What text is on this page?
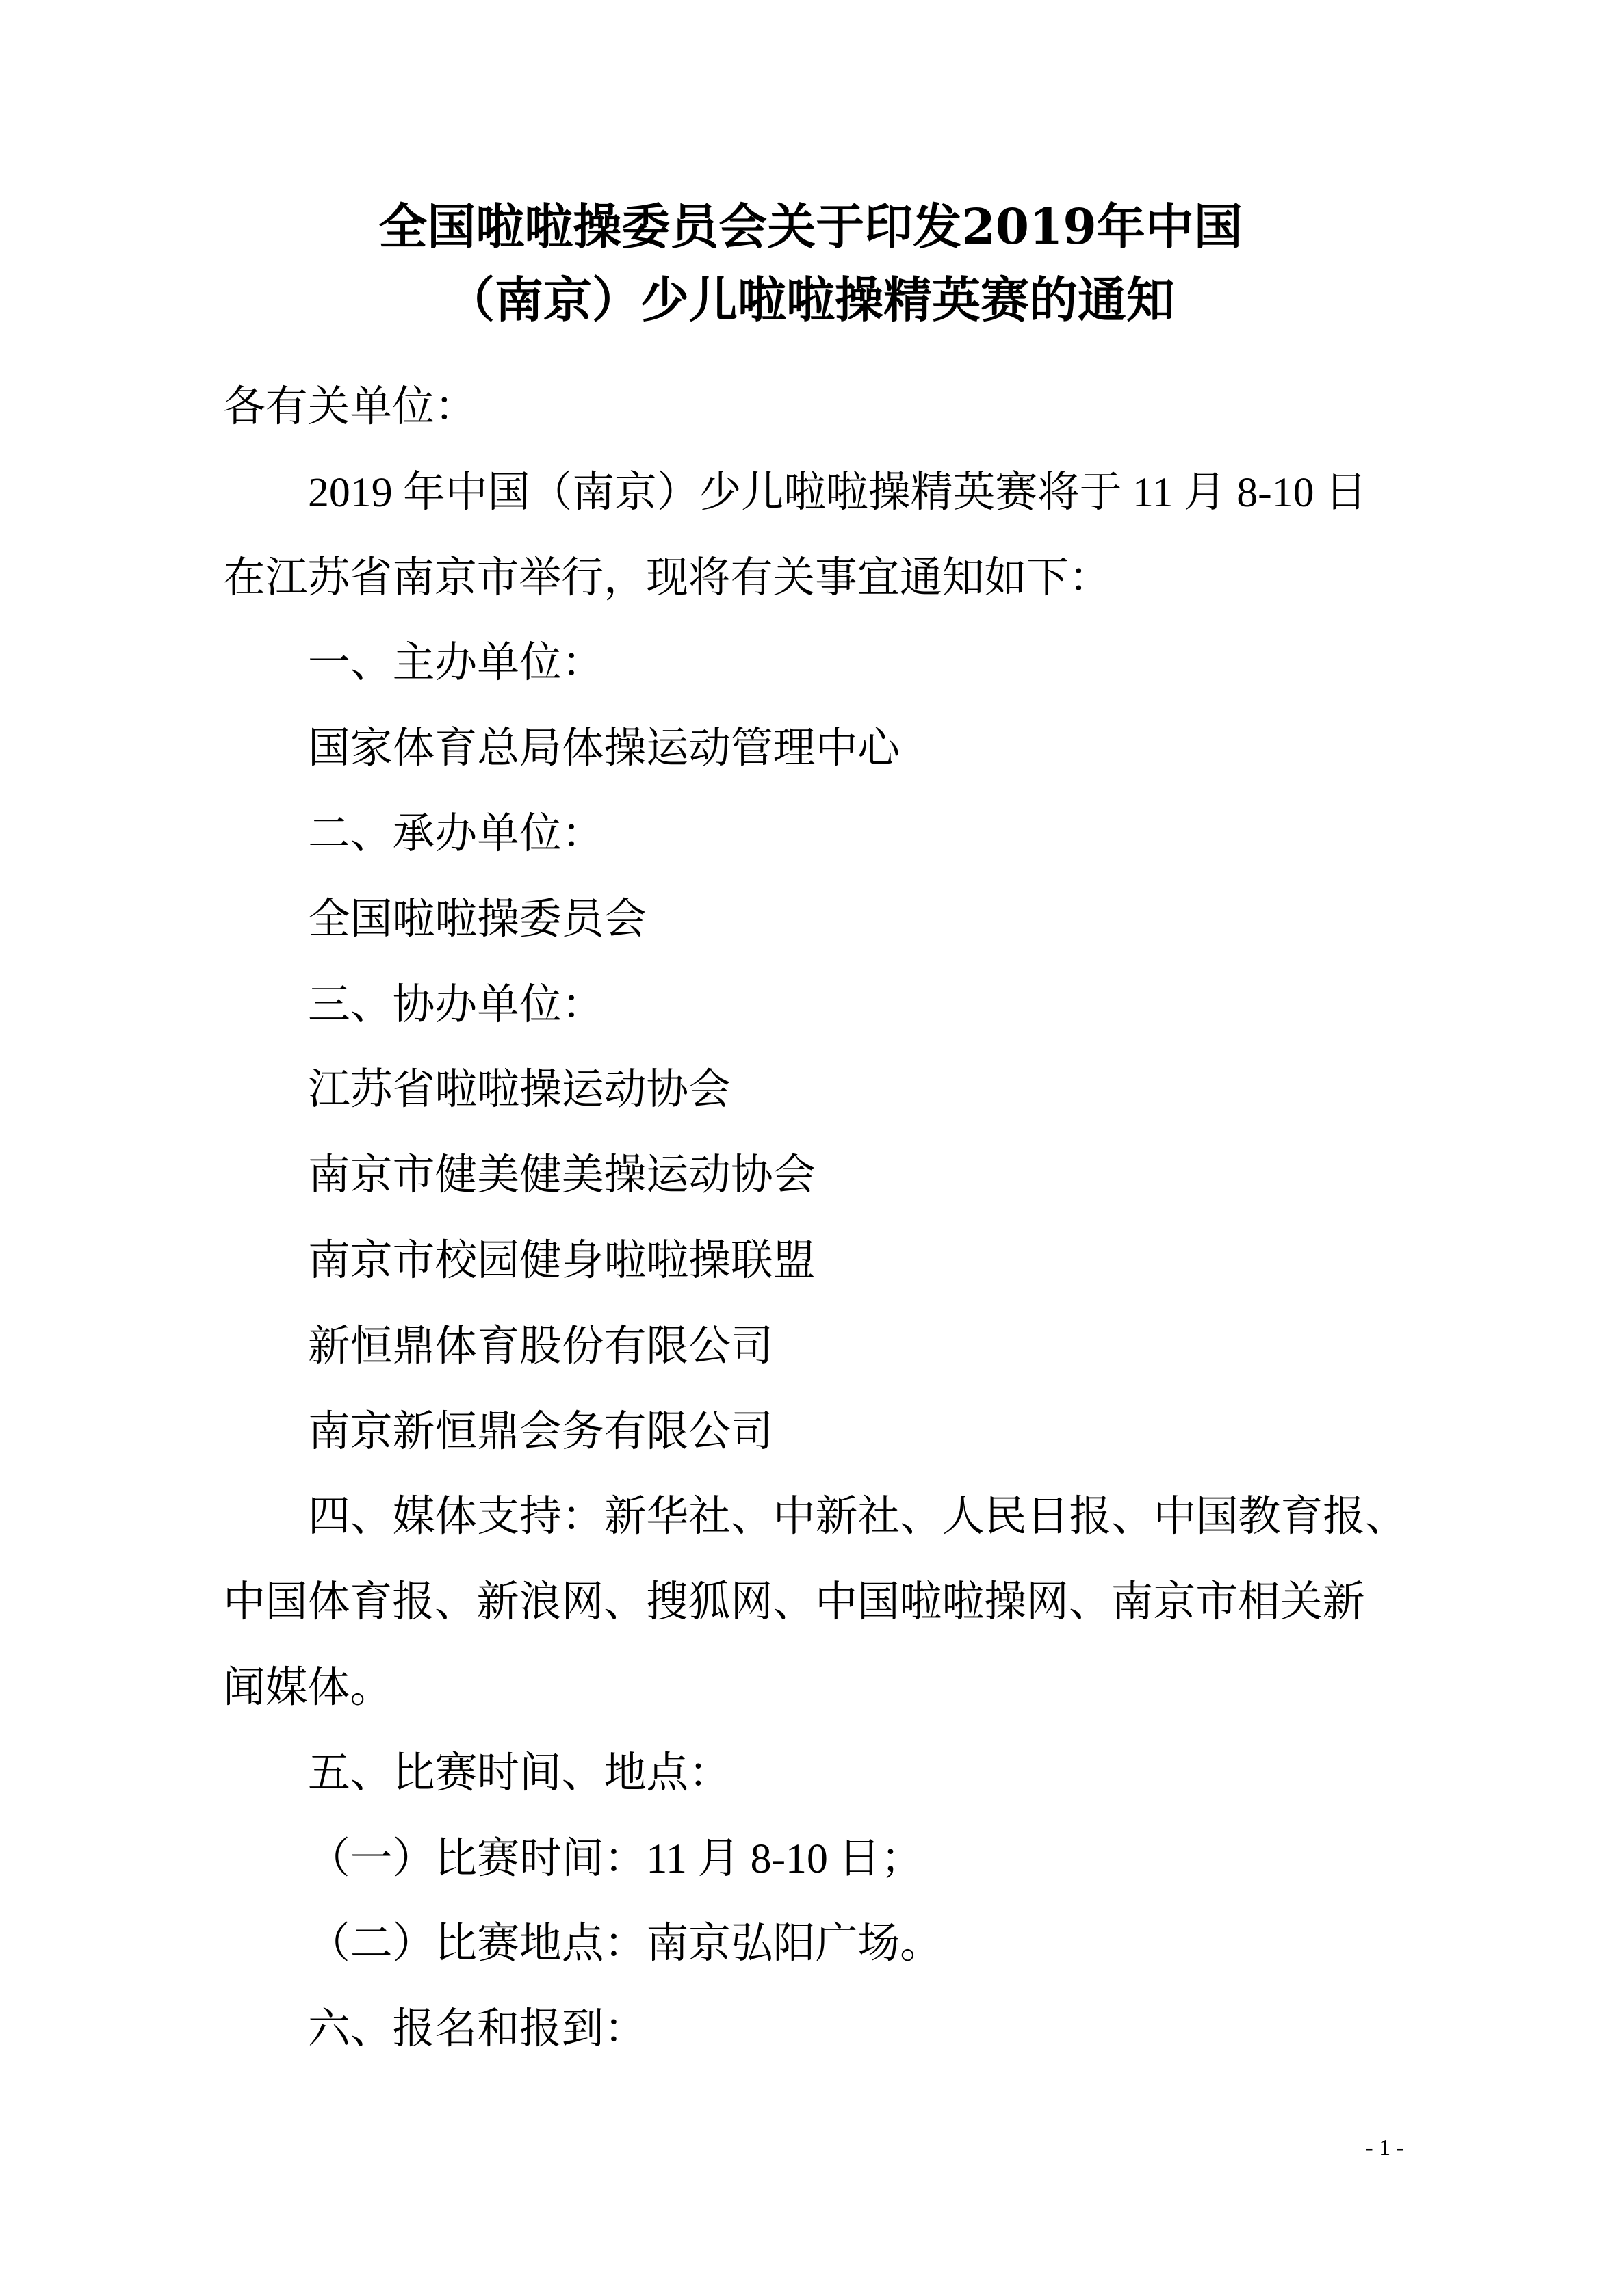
全国啦啦操委员会关于印发2019年中国
（南京）少儿啦啦操精英赛的通知
各有关单位：
2019 年中国（南京）少儿啦啦操精英赛将于 11 月 8-10 日
在江苏省南京市举行，现将有关事宜通知如下：
一、主办单位：
国家体育总局体操运动管理中心
二、承办单位：
全国啦啦操委员会
三、协办单位：
江苏省啦啦操运动协会
南京市健美健美操运动协会
南京市校园健身啦啦操联盟
新恒鼎体育股份有限公司
南京新恒鼎会务有限公司
四、媒体支持：新华社、中新社、人民日报、中国教育报、
中国体育报、新浪网、搜狐网、中国啦啦操网、南京市相关新
闻媒体。
五、比赛时间、地点：
（一）比赛时间：11 月 8-10 日；
（二）比赛地点：南京弘阳广场。
六、报名和报到：
- 1 -
